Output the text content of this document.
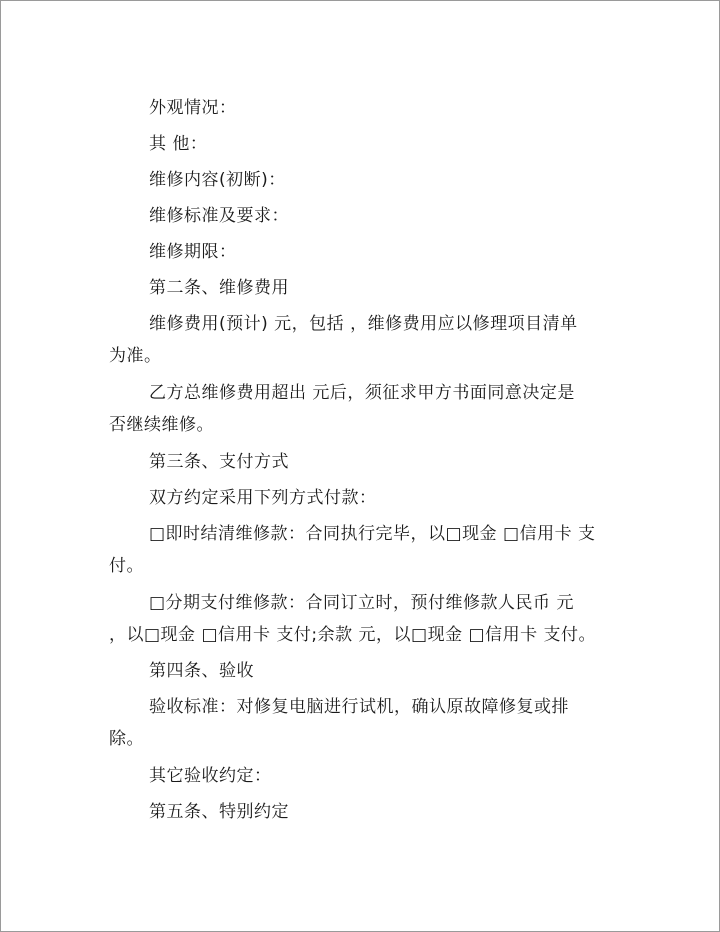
外观情况：
其 他：
维修内容(初断)：
维修标准及要求：
维修期限：
第二条、维修费用
维修费用(预计) 元，包括 ，维修费用应以修理项目清单
为准。
乙方总维修费用超出 元后，须征求甲方书面同意决定是
否继续维修。
第三条、支付方式
双方约定采用下列方式付款：
□即时结清维修款：合同执行完毕，以□现金 □信用卡 支
付。
□分期支付维修款：合同订立时，预付维修款人民币 元
，以□现金 □信用卡 支付;余款 元，以□现金 □信用卡 支付。
第四条、验收
验收标准：对修复电脑进行试机，确认原故障修复或排
除。
其它验收约定：
第五条、特别约定
